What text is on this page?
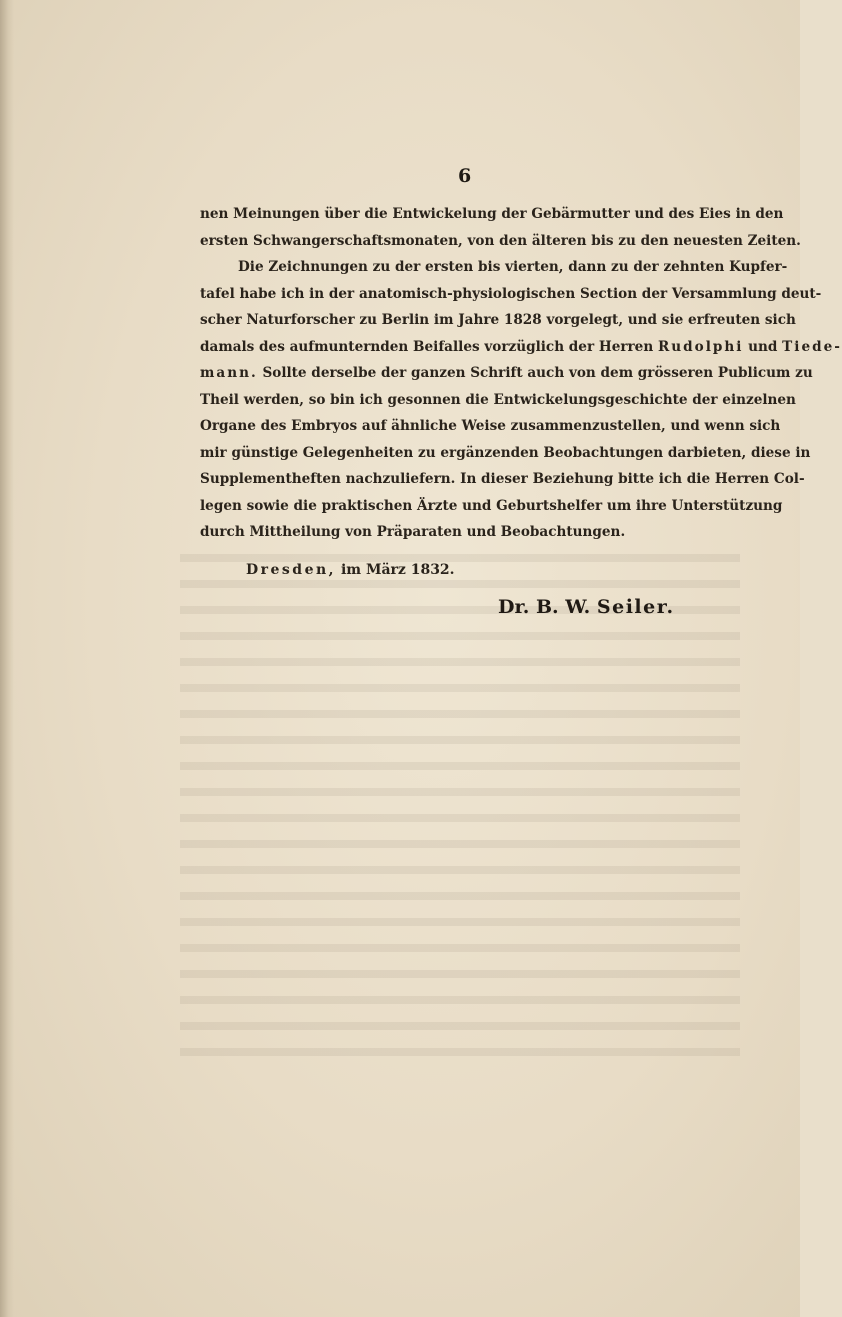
6
nen Meinungen über die Entwickelung der Gebärmutter und des Eies in den
ersten Schwangerschaftsmonaten, von den älteren bis zu den neuesten Zeiten.
Die Zeichnungen zu der ersten bis vierten, dann zu der zehnten Kupfer-
tafel habe ich in der anatomisch-physiologischen Section der Versammlung deut-
scher Naturforscher zu Berlin im Jahre 1828 vorgelegt, und sie erfreuten sich
damals des aufmunternden Beifalles vorzüglich der Herren Rudolphi und Tiede-
mann. Sollte derselbe der ganzen Schrift auch von dem grösseren Publicum zu
Theil werden, so bin ich gesonnen die Entwickelungsgeschichte der einzelnen
Organe des Embryos auf ähnliche Weise zusammenzustellen, und wenn sich
mir günstige Gelegenheiten zu ergänzenden Beobachtungen darbieten, diese in
Supplementheften nachzuliefern. In dieser Beziehung bitte ich die Herren Col-
legen sowie die praktischen Ärzte und Geburtshelfer um ihre Unterstützung
durch Mittheilung von Präparaten und Beobachtungen.
Dresden, im März 1832.
Dr. B. W. Seiler.
